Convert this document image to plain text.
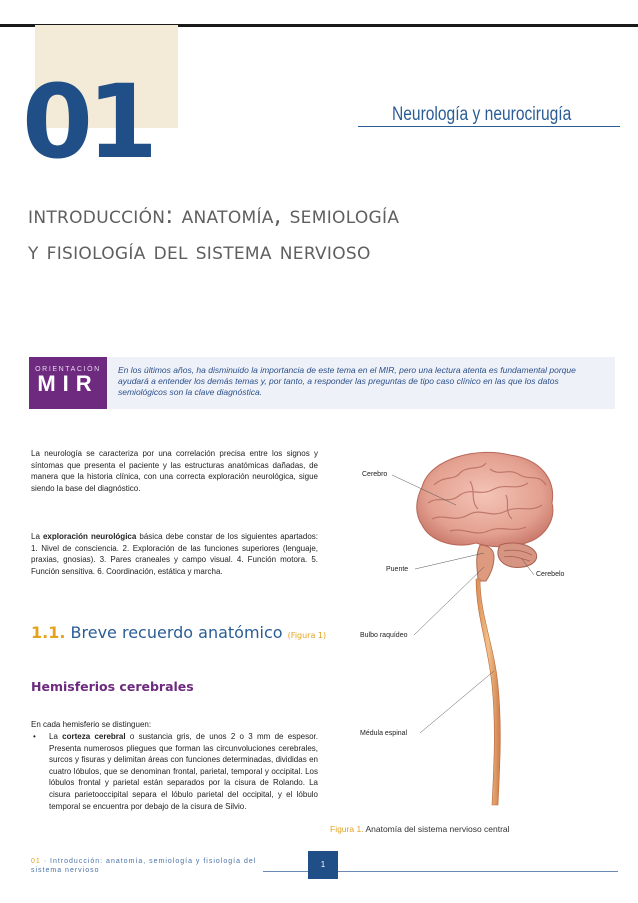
01	Neurología y neurocirugía
introducción: anatomía, semiología
y fisiología del sistema nervioso
ORIENTACIÓN
MIR
En los últimos años, ha disminuido la importancia de este tema en el MIR, pero una lectura atenta es fundamental porque ayudará a entender los demás temas y, por tanto, a responder las preguntas de tipo caso clínico en las que los datos semiológicos son la clave diagnóstica.
La neurología se caracteriza por una correlación precisa entre los signos y síntomas que presenta el paciente y las estructuras anatómicas dañadas, de manera que la historia clínica, con una correcta exploración neurológica, sigue siendo la base del diagnóstico.
La exploración neurológica básica debe constar de los siguientes apartados: 1. Nivel de consciencia. 2. Exploración de las funciones superiores (lenguaje, praxias, gnosias). 3. Pares craneales y campo visual. 4. Función motora. 5. Función sensitiva. 6. Coordinación, estática y marcha.
1.1. Breve recuerdo anatómico (Figura 1)
Hemisferios cerebrales
En cada hemisferio se distinguen:
• La corteza cerebral o sustancia gris, de unos 2 o 3 mm de espesor. Presenta numerosos pliegues que forman las circunvoluciones cerebrales, surcos y fisuras y delimitan áreas con funciones determinadas, divididas en cuatro lóbulos, que se denominan frontal, parietal, temporal y occipital. Los lóbulos frontal y parietal están separados por la cisura de Rolando. La cisura parietooccipital separa el lóbulo parietal del occipital, y el lóbulo temporal se encuentra por debajo de la cisura de Silvio.
Cerebro
Puente
Cerebelo
Bulbo raquídeo
Médula espinal
Figura 1. Anatomía del sistema nervioso central
01 · Introducción: anatomía, semiología y fisiología del sistema nervioso
1
